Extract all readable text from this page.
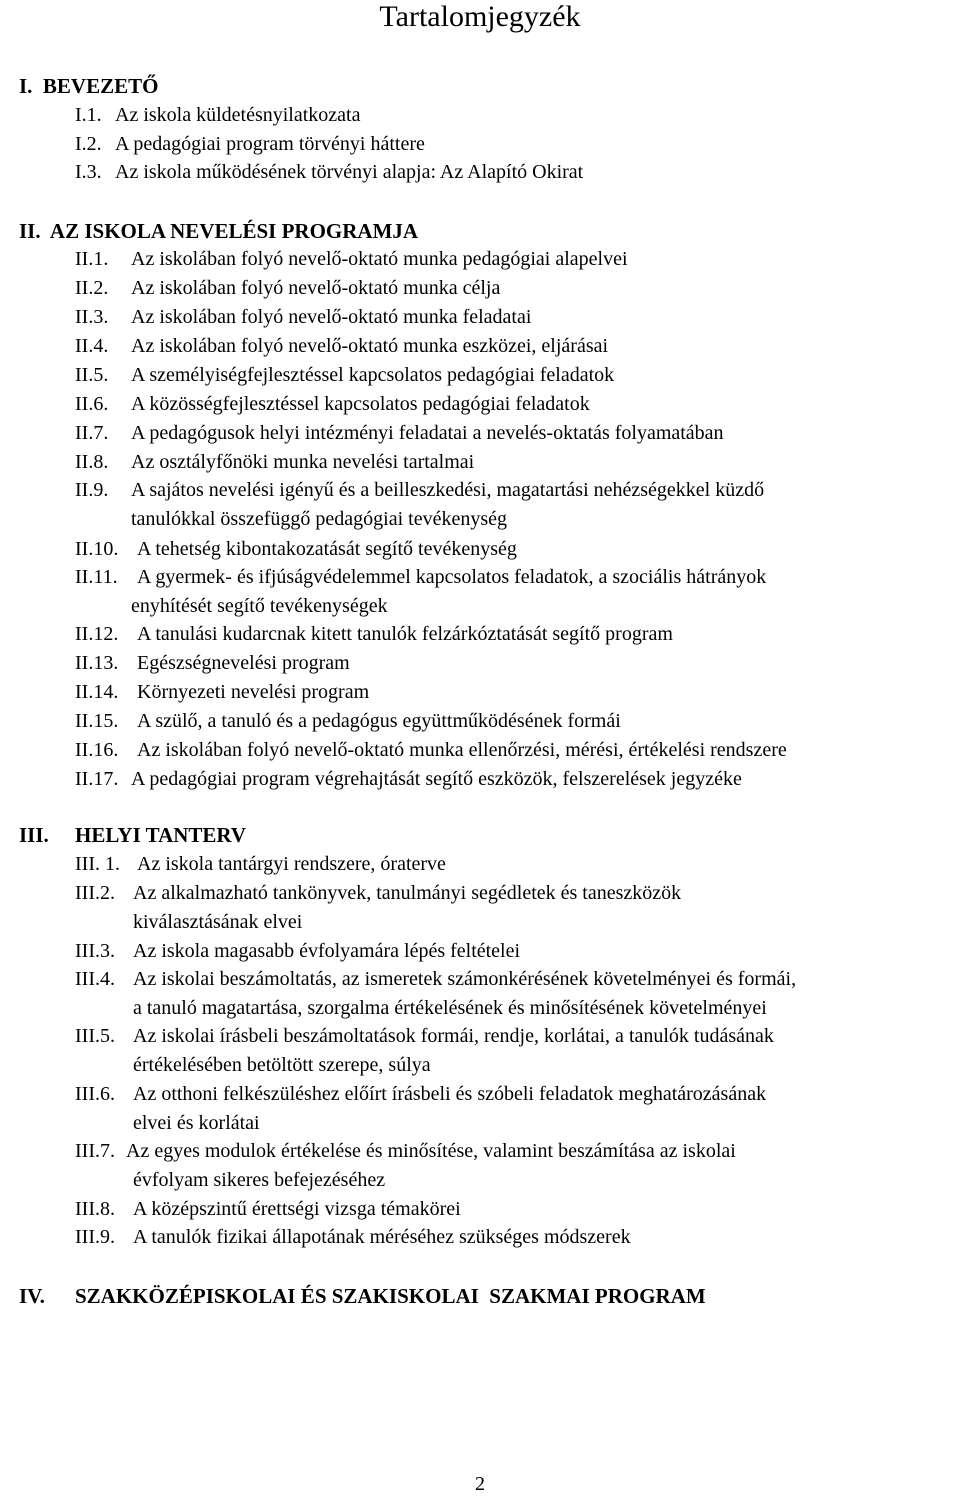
Tartalomjegyzék
I.  BEVEZETŐ
I.1. Az iskola küldetésnyilatkozata
I.2. A pedagógiai program törvényi háttere
I.3. Az iskola működésének törvényi alapja: Az Alapító Okirat
II.  AZ ISKOLA NEVELÉSI PROGRAMJA
II.1. Az iskolában folyó nevelő-oktató munka pedagógiai alapelvei
II.2. Az iskolában folyó nevelő-oktató munka célja
II.3. Az iskolában folyó nevelő-oktató munka feladatai
II.4. Az iskolában folyó nevelő-oktató munka eszközei, eljárásai
II.5. A személyiségfejlesztéssel kapcsolatos pedagógiai feladatok
II.6. A közösségfejlesztéssel kapcsolatos pedagógiai feladatok
II.7. A pedagógusok helyi intézményi feladatai a nevelés-oktatás folyamatában
II.8. Az osztályfőnöki munka nevelési tartalmai
II.9. A sajátos nevelési igényű és a beilleszkedési, magatartási nehézségekkel küzdő
tanulókkal összefüggő pedagógiai tevékenység
II.10. A tehetség kibontakozatását segítő tevékenység
II.11. A gyermek- és ifjúságvédelemmel kapcsolatos feladatok, a szociális hátrányok
enyhítését segítő tevékenységek
II.12. A tanulási kudarcnak kitett tanulók felzárkóztatását segítő program
II.13. Egészségnevelési program
II.14. Környezeti nevelési program
II.15. A szülő, a tanuló és a pedagógus együttműködésének formái
II.16. Az iskolában folyó nevelő-oktató munka ellenőrzési, mérési, értékelési rendszere
II.17. A pedagógiai program végrehajtását segítő eszközök, felszerelések jegyzéke
III. HELYI TANTERV
III. 1. Az iskola tantárgyi rendszere, óraterve
III.2. Az alkalmazható tankönyvek, tanulmányi segédletek és taneszközök
kiválasztásának elvei
III.3. Az iskola magasabb évfolyamára lépés feltételei
III.4. Az iskolai beszámoltatás, az ismeretek számonkérésének követelményei és formái,
a tanuló magatartása, szorgalma értékelésének és minősítésének követelményei
III.5. Az iskolai írásbeli beszámoltatások formái, rendje, korlátai, a tanulók tudásának
értékelésében betöltött szerepe, súlya
III.6. Az otthoni felkészüléshez előírt írásbeli és szóbeli feladatok meghatározásának
elvei és korlátai
III.7. Az egyes modulok értékelése és minősítése, valamint beszámítása az iskolai
évfolyam sikeres befejezéséhez
III.8. A középszintű érettségi vizsga témakörei
III.9. A tanulók fizikai állapotának méréséhez szükséges módszerek
IV. SZAKKÖZÉPISKOLAI ÉS SZAKISKOLAI  SZAKMAI PROGRAM
2
